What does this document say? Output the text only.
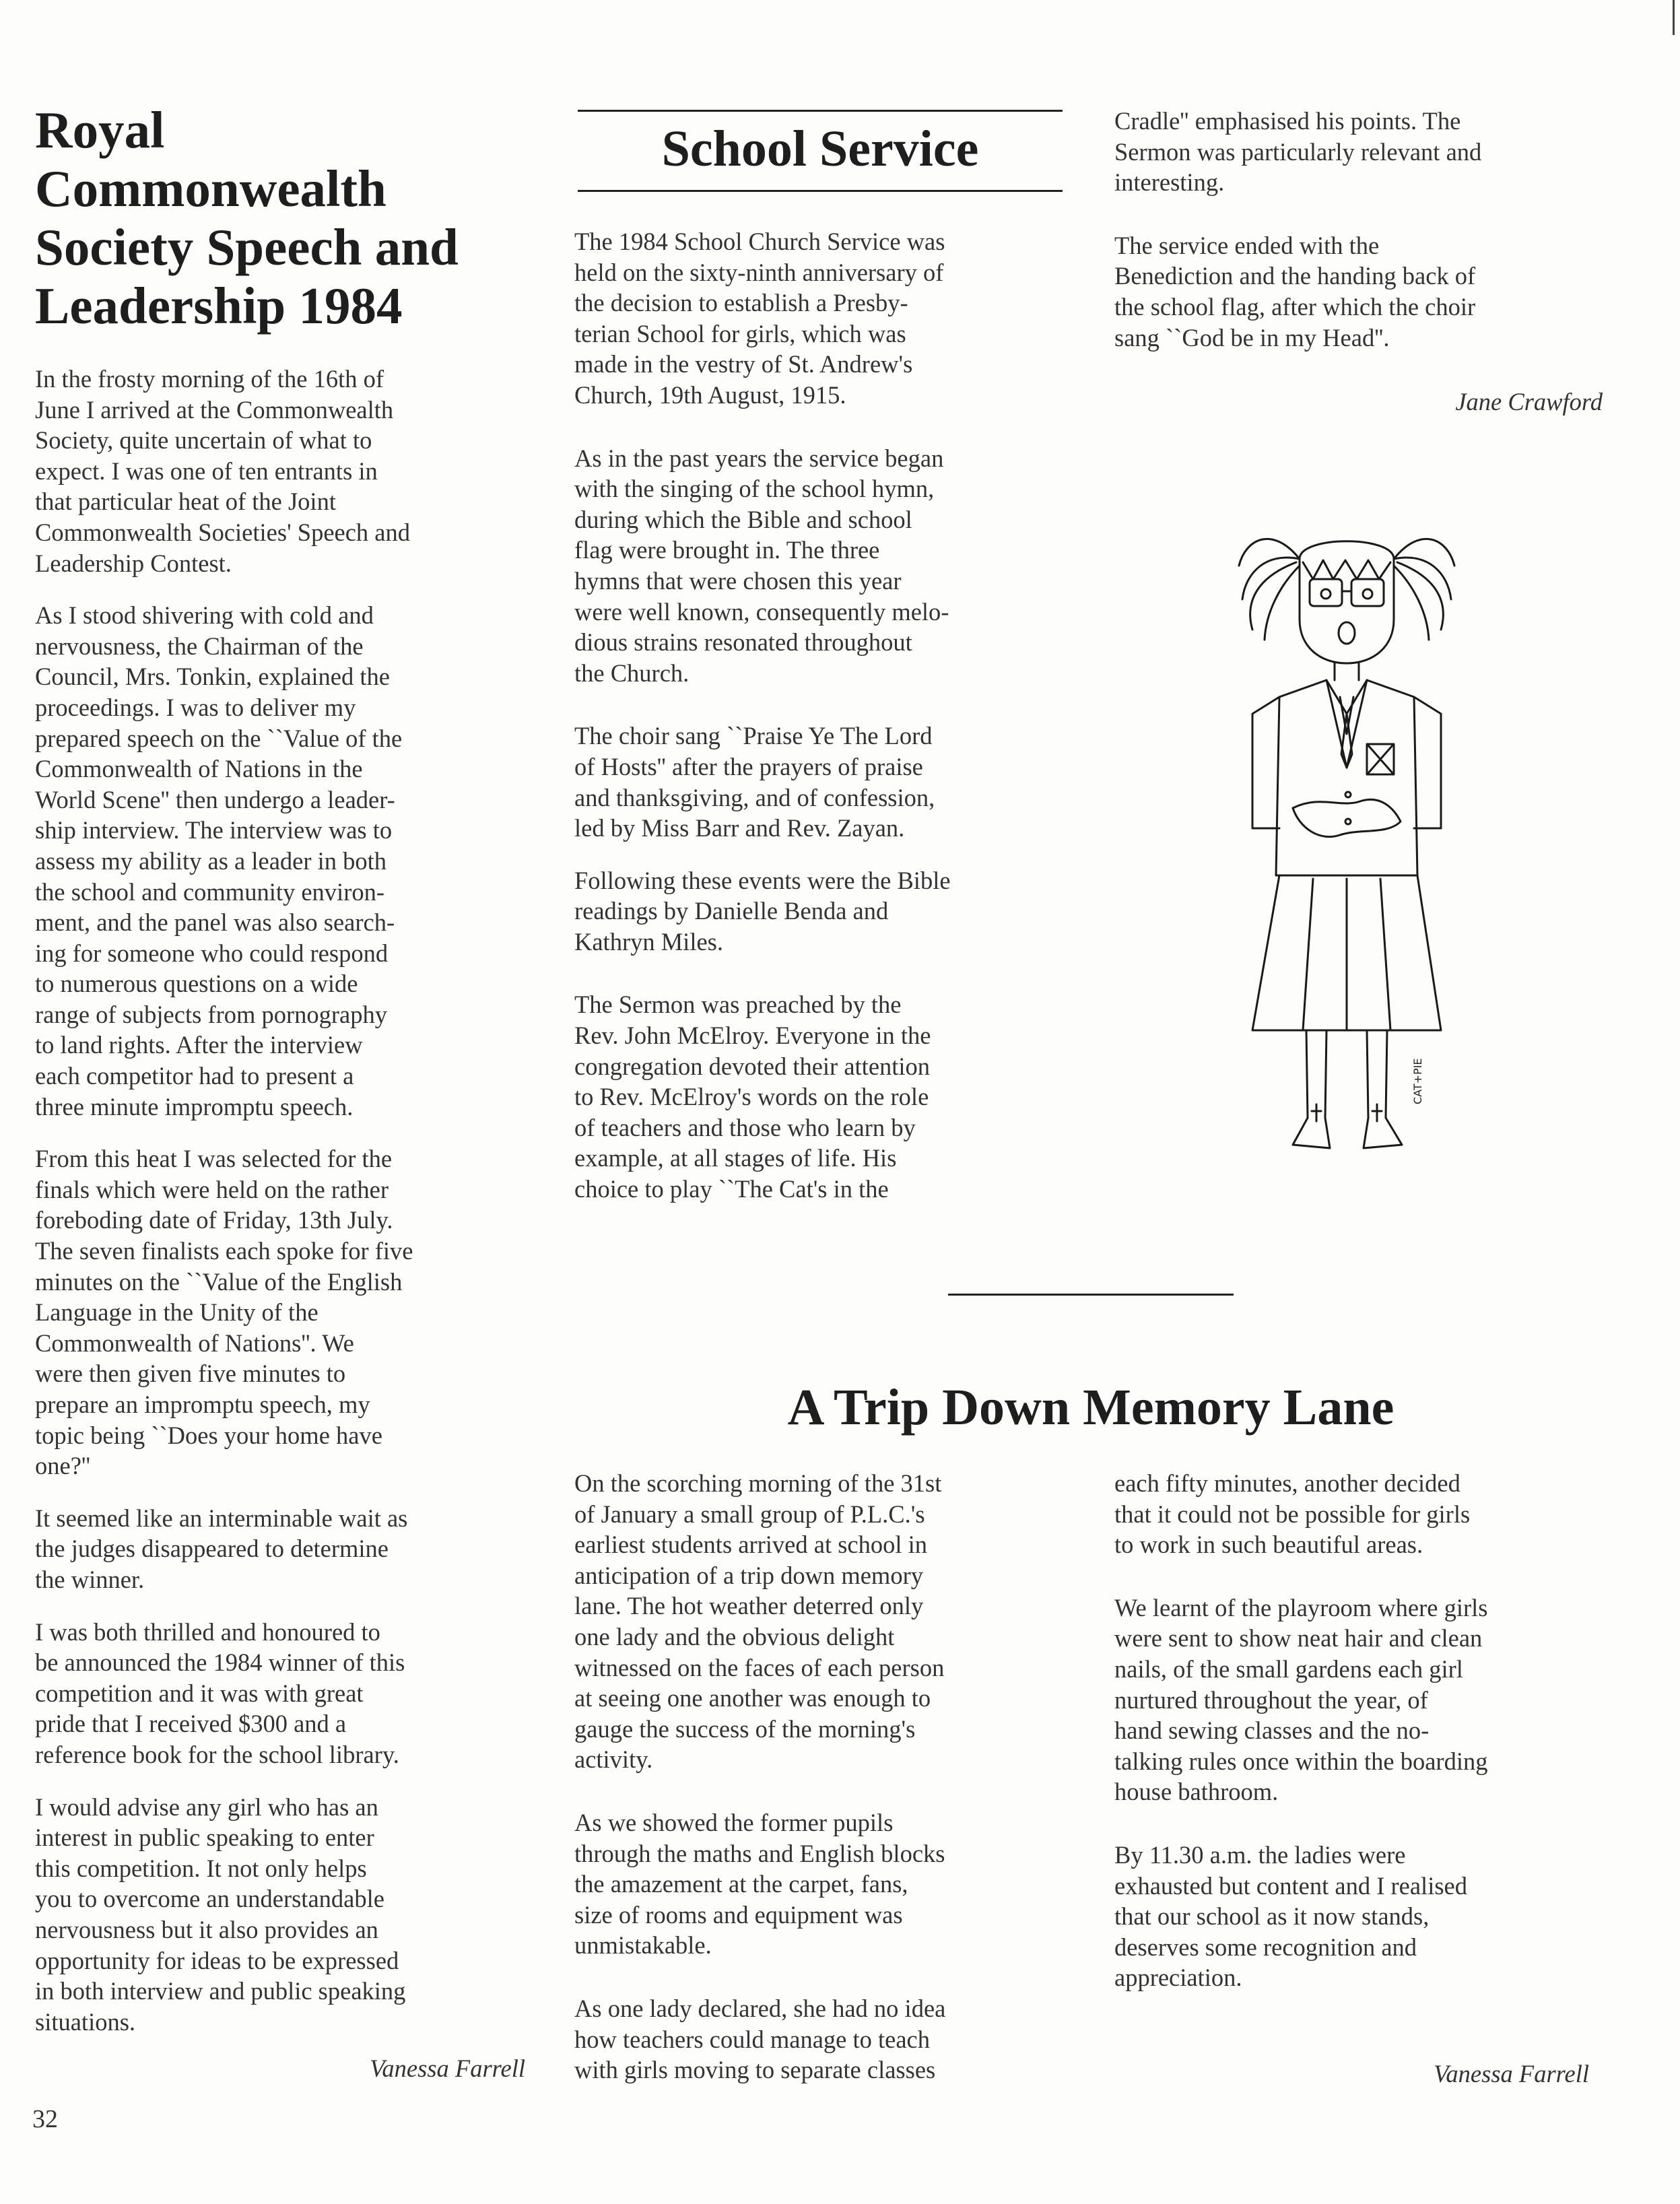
Royal
Commonwealth
Society Speech and
Leadership 1984

In the frosty morning of the 16th of
June I arrived at the Commonwealth
Society, quite uncertain of what to
expect. I was one of ten entrants in
that particular heat of the Joint
Commonwealth Societies' Speech and
Leadership Contest.

As I stood shivering with cold and
nervousness, the Chairman of the
Council, Mrs. Tonkin, explained the
proceedings. I was to deliver my
prepared speech on the ``Value of the
Commonwealth of Nations in the
World Scene'' then undergo a leader-
ship interview. The interview was to
assess my ability as a leader in both
the school and community environ-
ment, and the panel was also search-
ing for someone who could respond
to numerous questions on a wide
range of subjects from pornography
to land rights. After the interview
each competitor had to present a
three minute impromptu speech.

From this heat I was selected for the
finals which were held on the rather
foreboding date of Friday, 13th July.
The seven finalists each spoke for five
minutes on the ``Value of the English
Language in the Unity of the
Commonwealth of Nations''. We
were then given five minutes to
prepare an impromptu speech, my
topic being ``Does your home have
one?''

It seemed like an interminable wait as
the judges disappeared to determine
the winner.

I was both thrilled and honoured to
be announced the 1984 winner of this
competition and it was with great
pride that I received $300 and a
reference book for the school library.

I would advise any girl who has an
interest in public speaking to enter
this competition. It not only helps
you to overcome an understandable
nervousness but it also provides an
opportunity for ideas to be expressed
in both interview and public speaking
situations.

Vanessa Farrell
32
School Service

The 1984 School Church Service was
held on the sixty-ninth anniversary of
the decision to establish a Presby-
terian School for girls, which was
made in the vestry of St. Andrew's
Church, 19th August, 1915.

As in the past years the service began
with the singing of the school hymn,
during which the Bible and school
flag were brought in. The three
hymns that were chosen this year
were well known, consequently melo-
dious strains resonated throughout
the Church.

The choir sang ``Praise Ye The Lord
of Hosts'' after the prayers of praise
and thanksgiving, and of confession,
led by Miss Barr and Rev. Zayan.

Following these events were the Bible
readings by Danielle Benda and
Kathryn Miles.

The Sermon was preached by the
Rev. John McElroy. Everyone in the
congregation devoted their attention
to Rev. McElroy's words on the role
of teachers and those who learn by
example, at all stages of life. His
choice to play ``The Cat's in the

Cradle'' emphasised his points. The
Sermon was particularly relevant and
interesting.

The service ended with the
Benediction and the handing back of
the school flag, after which the choir
sang ``God be in my Head''.

Jane Crawford
CAT+PIE
A Trip Down Memory Lane

On the scorching morning of the 31st
of January a small group of P.L.C.'s
earliest students arrived at school in
anticipation of a trip down memory
lane. The hot weather deterred only
one lady and the obvious delight
witnessed on the faces of each person
at seeing one another was enough to
gauge the success of the morning's
activity.

As we showed the former pupils
through the maths and English blocks
the amazement at the carpet, fans,
size of rooms and equipment was
unmistakable.

As one lady declared, she had no idea
how teachers could manage to teach
with girls moving to separate classes

each fifty minutes, another decided
that it could not be possible for girls
to work in such beautiful areas.

We learnt of the playroom where girls
were sent to show neat hair and clean
nails, of the small gardens each girl
nurtured throughout the year, of
hand sewing classes and the no-
talking rules once within the boarding
house bathroom.

By 11.30 a.m. the ladies were
exhausted but content and I realised
that our school as it now stands,
deserves some recognition and
appreciation.

Vanessa Farrell
